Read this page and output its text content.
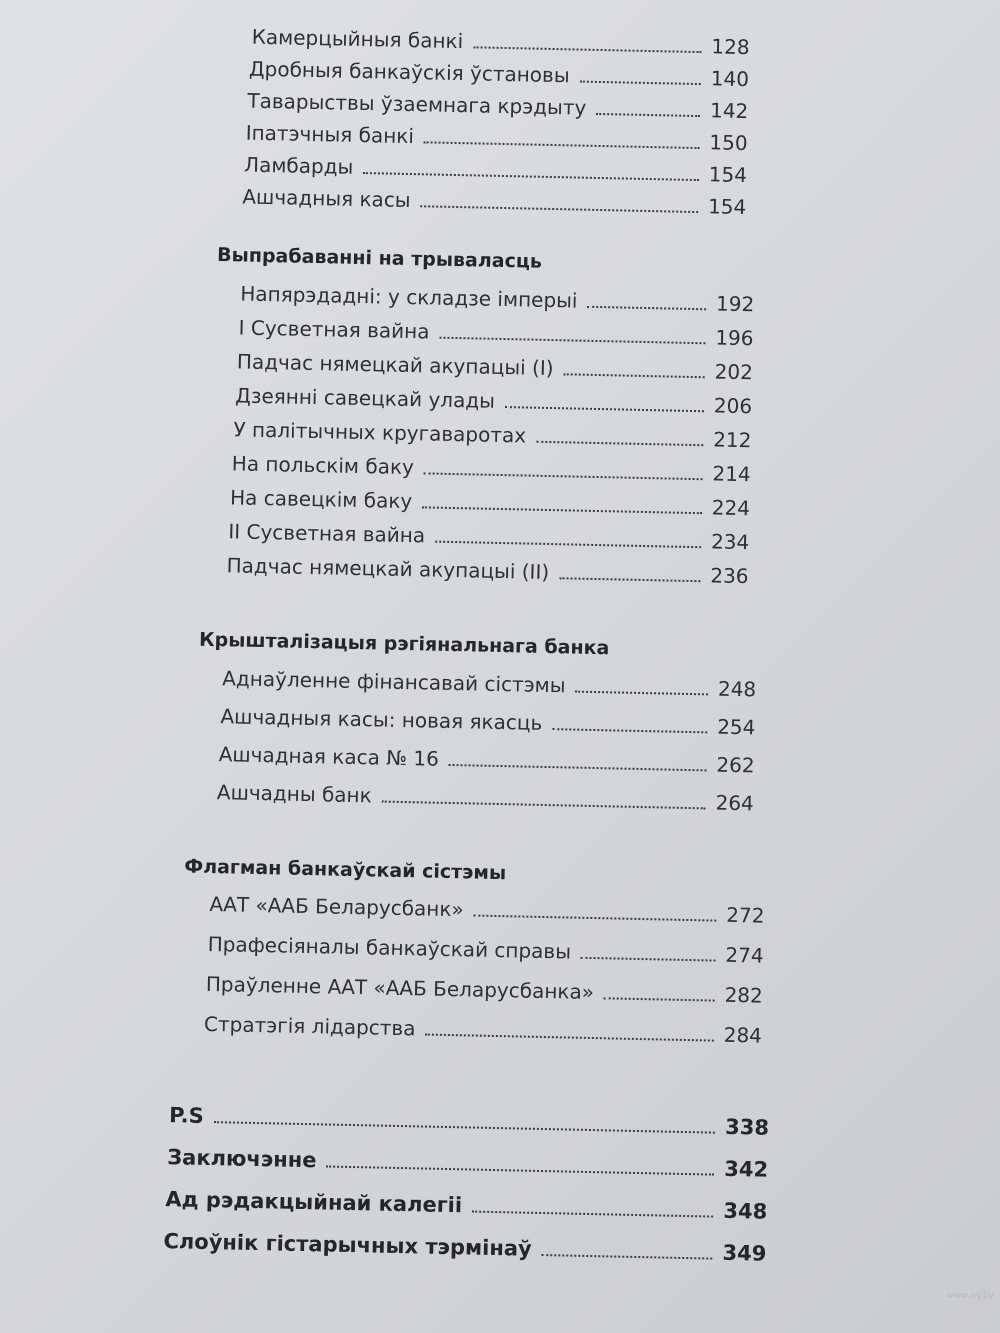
Камерцыйныя банкі	128
Дробныя банкаўскія ўстановы	140
Таварыствы ўзаемнага крэдыту	142
Іпатэчныя банкі	150
Ламбарды	154
Ашчадныя касы	154
Выпрабаванні на трываласць
Напярэдадні: у складзе імперыі	192
І Сусветная вайна	196
Падчас нямецкай акупацыі (І)	202
Дзеянні савецкай улады	206
У палітычных кругаваротах	212
На польскім баку	214
На савецкім баку	224
ІІ Сусветная вайна	234
Падчас нямецкай акупацыі (ІІ)	236
Крышталізацыя рэгіянальнага банка
Аднаўленне фінансавай сістэмы	248
Ашчадныя касы: новая якасць	254
Ашчадная каса № 16	262
Ашчадны банк	264
Флагман банкаўскай сістэмы
ААТ «ААБ Беларусбанк»	272
Прафесіяналы банкаўскай справы	274
Праўленне ААТ «ААБ Беларусбанка»	282
Стратэгія лідарства	284
P.S	338
Заключэнне	342
Ад рэдакцыйнай калегіі	348
Слоўнік гістарычных тэрмінаў	349
www.ay.by
